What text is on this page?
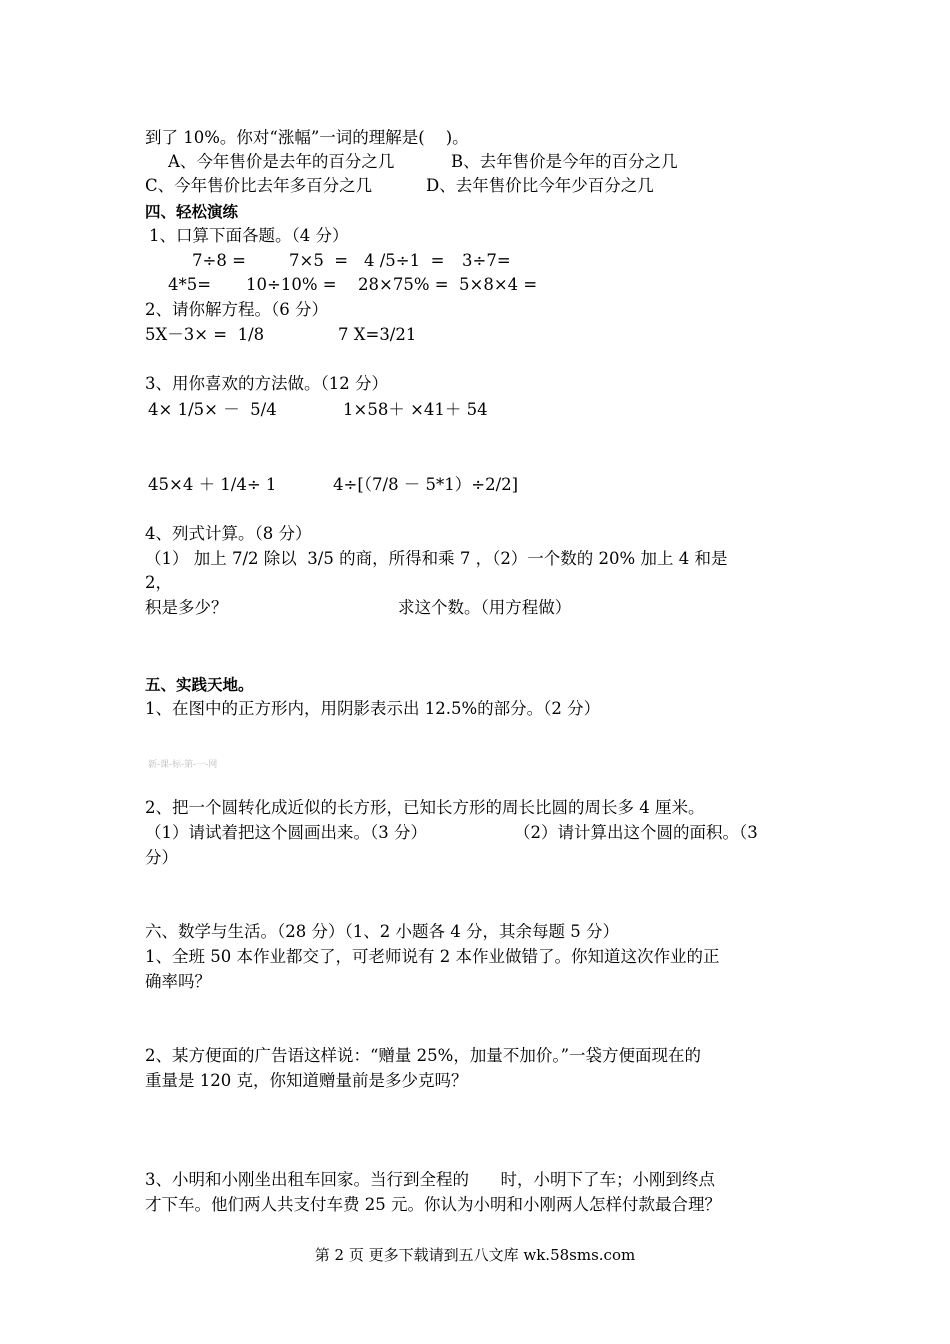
到了 10%。你对“涨幅”一词的理解是(    )。
A、今年售价是去年的百分之几	B、去年售价是今年的百分之几
C、今年售价比去年多百分之几	D、去年售价比今年少百分之几
四、轻松演练
1、口算下面各题。（4 分）
7÷8 =	7×5  = 4 /5÷1  = 3÷7=
4*5= 10÷10% = 28×75% = 5×8×4 =
2、请你解方程。（6 分）
5X－3× =  1/8	7 X=3/21
3、用你喜欢的方法做。（12 分）
4× 1/5× －  5/4	1×58＋ ×41＋ 54
45×4 ＋ 1/4÷ 1	4÷[（7/8 － 5*1）÷2/2]
4、列式计算。（8 分）
（1） 加上 7/2 除以  3/5 的商，所得和乘 7 ，（2）一个数的 20% 加上 4 和是
2，
积是多少？	求这个数。（用方程做）
五、实践天地。
1、在图中的正方形内，用阴影表示出 12.5%的部分。（2 分）
新-课-标-第-一-网
2、把一个圆转化成近似的长方形，已知长方形的周长比圆的周长多 4 厘米。
（1）请试着把这个圆画出来。（3 分）	（2）请计算出这个圆的面积。（3
分）
六、数学与生活。（28 分）（1、2 小题各 4 分，其余每题 5 分）
1、全班 50 本作业都交了，可老师说有 2 本作业做错了。你知道这次作业的正
确率吗？
2、某方便面的广告语这样说：“赠量 25%，加量不加价。”一袋方便面现在的
重量是 120 克，你知道赠量前是多少克吗？
3、小明和小刚坐出租车回家。当行到全程的      时，小明下了车；小刚到终点
才下车。他们两人共支付车费 25 元。你认为小明和小刚两人怎样付款最合理？
第 2 页 更多下载请到五八文库 wk.58sms.com
